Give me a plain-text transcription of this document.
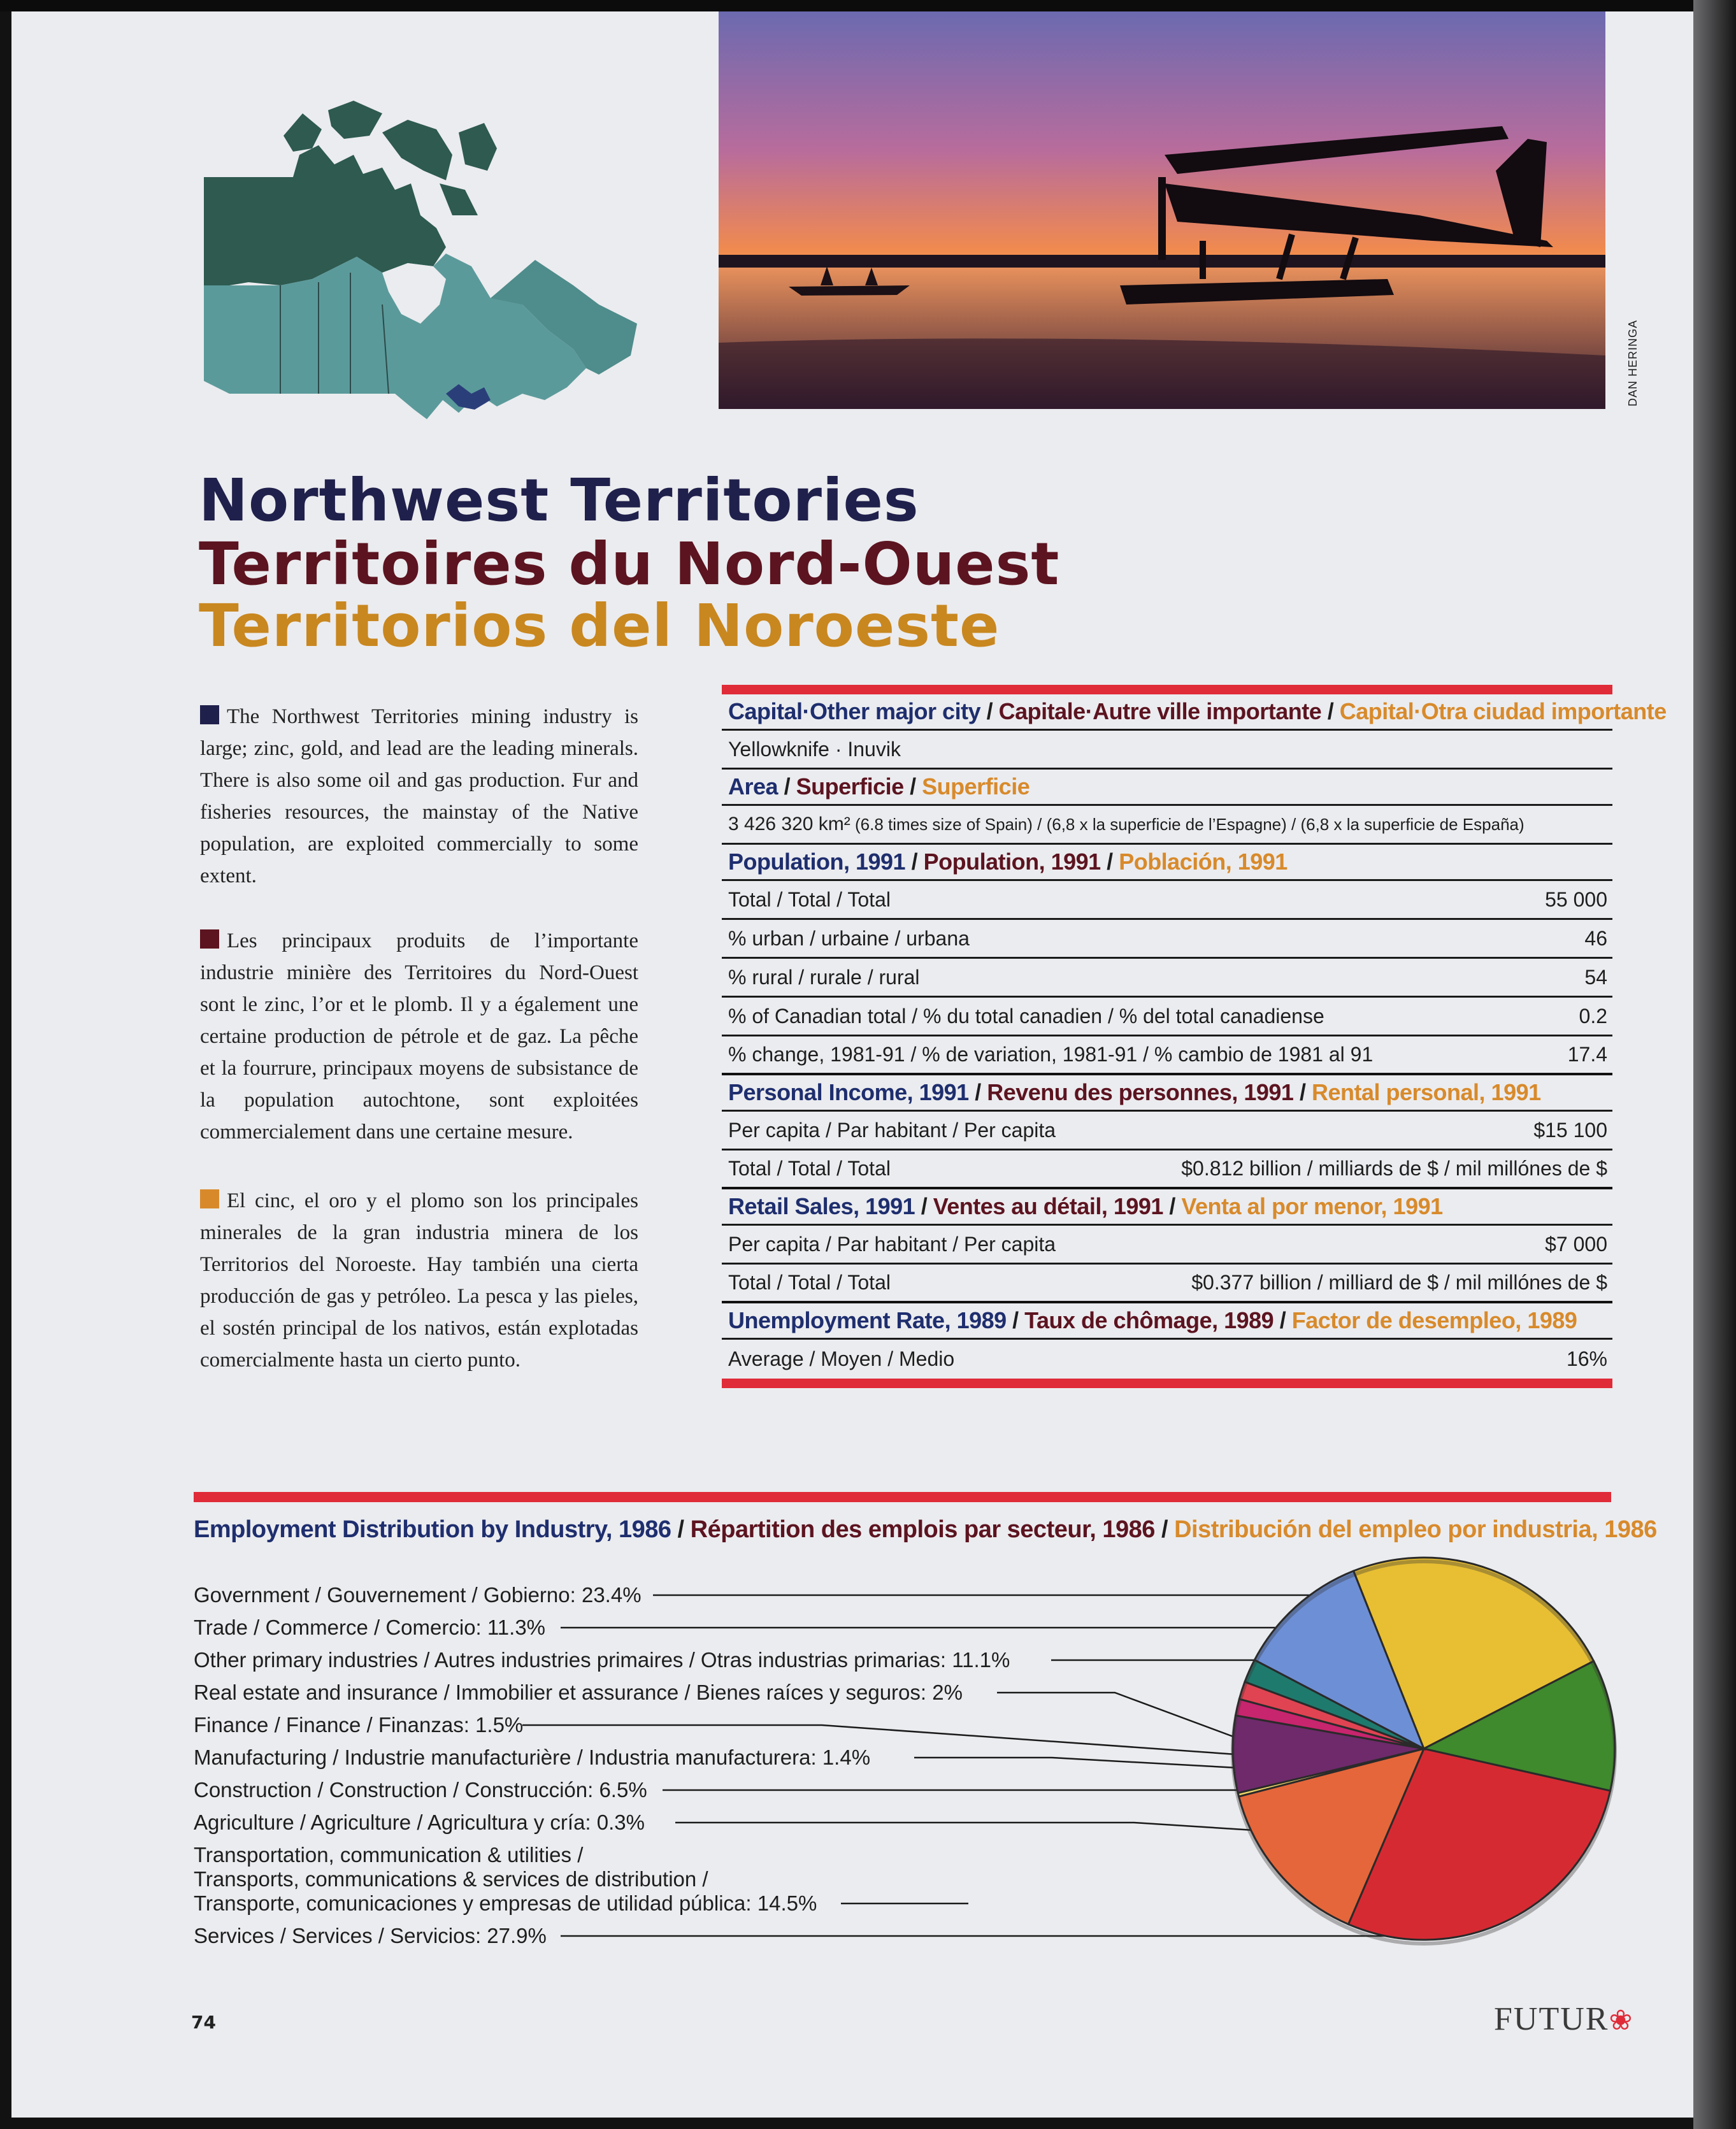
DAN HERINGA
Northwest Territories
Territoires du Nord-Ouest
Territorios del Noroeste
The Northwest Territories mining industry is large; zinc, gold, and lead are the leading minerals. There is also some oil and gas production. Fur and fisheries resources, the mainstay of the Native population, are exploited commercially to some extent.
Les principaux produits de l’importante industrie minière des Territoires du Nord-Ouest sont le zinc, l’or et le plomb. Il y a également une certaine production de pétrole et de gaz. La pêche et la fourrure, principaux moyens de subsistance de la population autochtone, sont exploitées commercialement dans une certaine mesure.
El cinc, el oro y el plomo son los principales minerales de la gran industria minera de los Territorios del Noroeste. Hay también una cierta producción de gas y petróleo. La pesca y las pieles, el sostén principal de los nativos, están explotadas comercialmente hasta un cierto punto.
Capital·Other major city / Capitale·Autre ville importante / Capital·Otra ciudad importante
Yellowknife · Inuvik
Area / Superficie / Superficie
3 426 320 km² (6.8 times size of Spain) / (6,8 x la superficie de l’Espagne) / (6,8 x la superficie de España)
Population, 1991 / Population, 1991 / Población, 1991
Total / Total / Total	55 000
% urban / urbaine / urbana	46
% rural / rurale / rural	54
% of Canadian total / % du total canadien / % del total canadiense	0.2
% change, 1981-91 / % de variation, 1981-91 / % cambio de 1981 al 91	17.4
Personal Income, 1991 / Revenu des personnes, 1991 / Rental personal, 1991
Per capita / Par habitant / Per capita	$15 100
Total / Total / Total	$0.812 billion / milliards de $ / mil millónes de $
Retail Sales, 1991 / Ventes au détail, 1991 / Venta al por menor, 1991
Per capita / Par habitant / Per capita	$7 000
Total / Total / Total	$0.377 billion / milliard de $ / mil millónes de $
Unemployment Rate, 1989 / Taux de chômage, 1989 / Factor de desempleo, 1989
Average / Moyen / Medio	16%
Employment Distribution by Industry, 1986 / Répartition des emplois par secteur, 1986 / Distribución del empleo por industria, 1986
Government / Gouvernement / Gobierno: 23.4%
Trade / Commerce / Comercio: 11.3%
Other primary industries / Autres industries primaires / Otras industrias primarias: 11.1%
Real estate and insurance / Immobilier et assurance / Bienes raíces y seguros: 2%
Finance / Finance / Finanzas: 1.5%
Manufacturing / Industrie manufacturière / Industria manufacturera: 1.4%
Construction / Construction / Construcción: 6.5%
Agriculture / Agriculture / Agricultura y cría: 0.3%
Transportation, communication & utilities /
Transports, communications & services de distribution /
Transporte, comunicaciones y empresas de utilidad pública: 14.5%
Services / Services / Servicios: 27.9%
74	FUTUR❀
